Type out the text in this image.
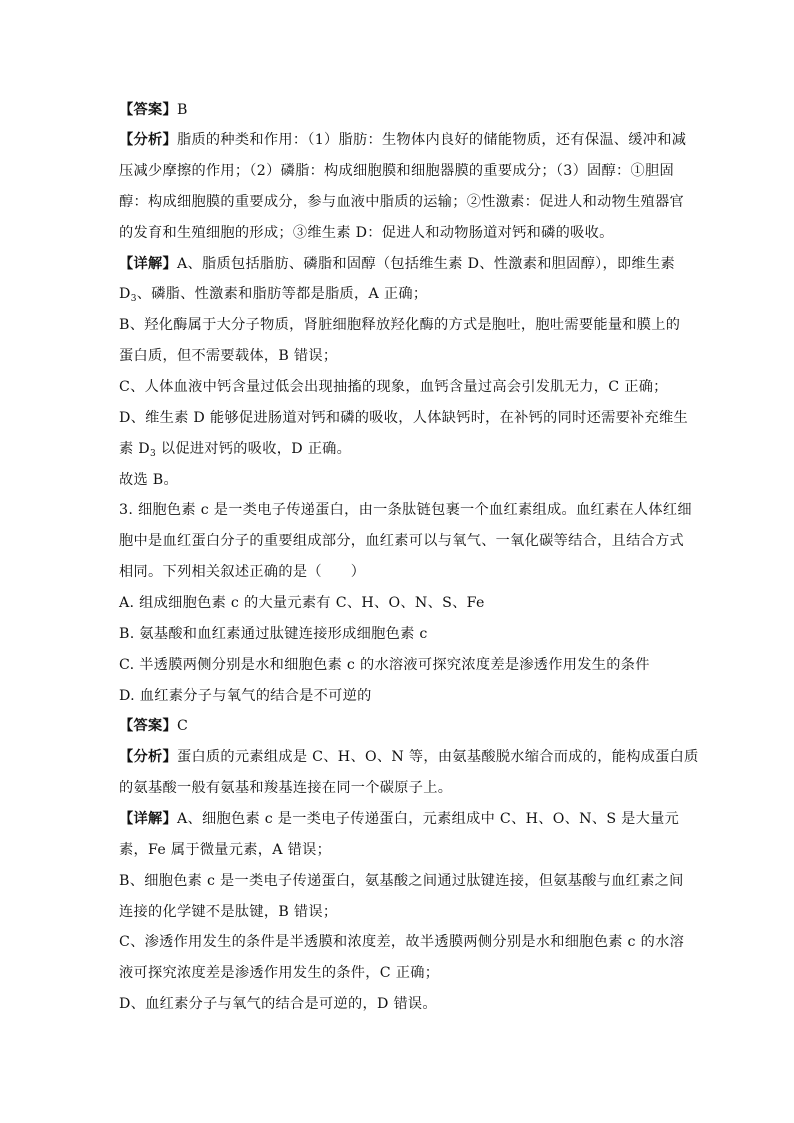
【答案】B
【分析】脂质的种类和作用：（1）脂肪：生物体内良好的储能物质，还有保温、缓冲和减
压减少摩擦的作用；（2）磷脂：构成细胞膜和细胞器膜的重要成分；（3）固醇：①胆固
醇：构成细胞膜的重要成分，参与血液中脂质的运输；②性激素：促进人和动物生殖器官
的发育和生殖细胞的形成；③维生素 D：促进人和动物肠道对钙和磷的吸收。
【详解】A、脂质包括脂肪、磷脂和固醇（包括维生素 D、性激素和胆固醇），即维生素
$D_3$、磷脂、性激素和脂肪等都是脂质，A 正确；
B、羟化酶属于大分子物质，肾脏细胞释放羟化酶的方式是胞吐，胞吐需要能量和膜上的
蛋白质，但不需要载体，B 错误；
C、人体血液中钙含量过低会出现抽搐的现象，血钙含量过高会引发肌无力，C 正确；
D、维生素 D 能够促进肠道对钙和磷的吸收，人体缺钙时，在补钙的同时还需要补充维生
素 $D_3$ 以促进对钙的吸收，D 正确。
故选 B。
3. 细胞色素 c 是一类电子传递蛋白，由一条肽链包裹一个血红素组成。血红素在人体红细
胞中是血红蛋白分子的重要组成部分，血红素可以与氧气、一氧化碳等结合，且结合方式
相同。下列相关叙述正确的是（　　）
A. 组成细胞色素 c 的大量元素有 C、H、O、N、S、Fe
B. 氨基酸和血红素通过肽键连接形成细胞色素 c
C. 半透膜两侧分别是水和细胞色素 c 的水溶液可探究浓度差是渗透作用发生的条件
D. 血红素分子与氧气的结合是不可逆的
【答案】C
【分析】蛋白质的元素组成是 C、H、O、N 等，由氨基酸脱水缩合而成的，能构成蛋白质
的氨基酸一般有氨基和羧基连接在同一个碳原子上。
【详解】A、细胞色素 c 是一类电子传递蛋白，元素组成中 C、H、O、N、S 是大量元
素，Fe 属于微量元素，A 错误；
B、细胞色素 c 是一类电子传递蛋白，氨基酸之间通过肽键连接，但氨基酸与血红素之间
连接的化学键不是肽键，B 错误；
C、渗透作用发生的条件是半透膜和浓度差，故半透膜两侧分别是水和细胞色素 c 的水溶
液可探究浓度差是渗透作用发生的条件，C 正确；
D、血红素分子与氧气的结合是可逆的，D 错误。
